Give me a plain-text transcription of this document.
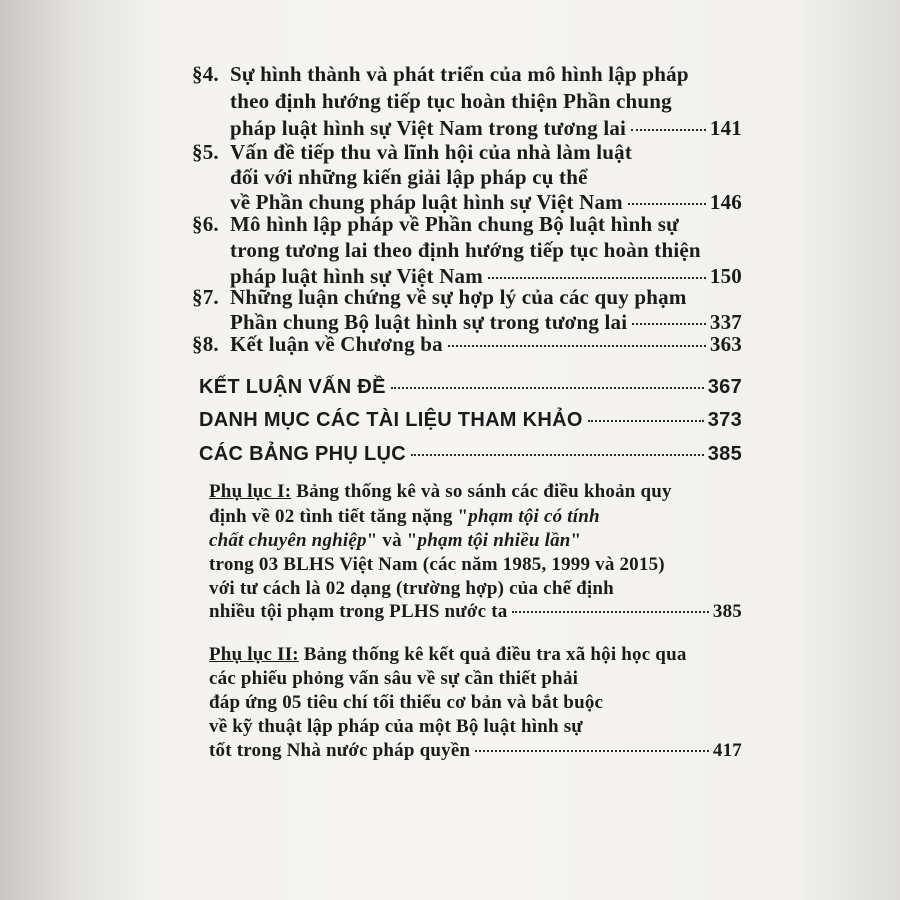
§4. Sự hình thành và phát triển của mô hình lập pháp
theo định hướng tiếp tục hoàn thiện Phần chung
pháp luật hình sự Việt Nam trong tương lai	141
§5. Vấn đề tiếp thu và lĩnh hội của nhà làm luật
đối với những kiến giải lập pháp cụ thể
về Phần chung pháp luật hình sự Việt Nam	146
§6. Mô hình lập pháp về Phần chung Bộ luật hình sự
trong tương lai theo định hướng tiếp tục hoàn thiện
pháp luật hình sự Việt Nam	150
§7. Những luận chứng về sự hợp lý của các quy phạm
Phần chung Bộ luật hình sự trong tương lai	337
§8. Kết luận về Chương ba	363
KẾT LUẬN VẤN ĐỀ	367
DANH MỤC CÁC TÀI LIỆU THAM KHẢO	373
CÁC BẢNG PHỤ LỤC	385
Phụ lục I: Bảng thống kê và so sánh các điều khoản quy
định về 02 tình tiết tăng nặng " phạm tội có tính
chất chuyên nghiệp " và " phạm tội nhiều lần "
trong 03 BLHS Việt Nam (các năm 1985, 1999 và 2015)
với tư cách là 02 dạng (trường hợp) của chế định
nhiều tội phạm trong PLHS nước ta	385
Phụ lục II: Bảng thống kê kết quả điều tra xã hội học qua
các phiếu phỏng vấn sâu về sự cần thiết phải
đáp ứng 05 tiêu chí tối thiểu cơ bản và bắt buộc
về kỹ thuật lập pháp của một Bộ luật hình sự
tốt trong Nhà nước pháp quyền	417
